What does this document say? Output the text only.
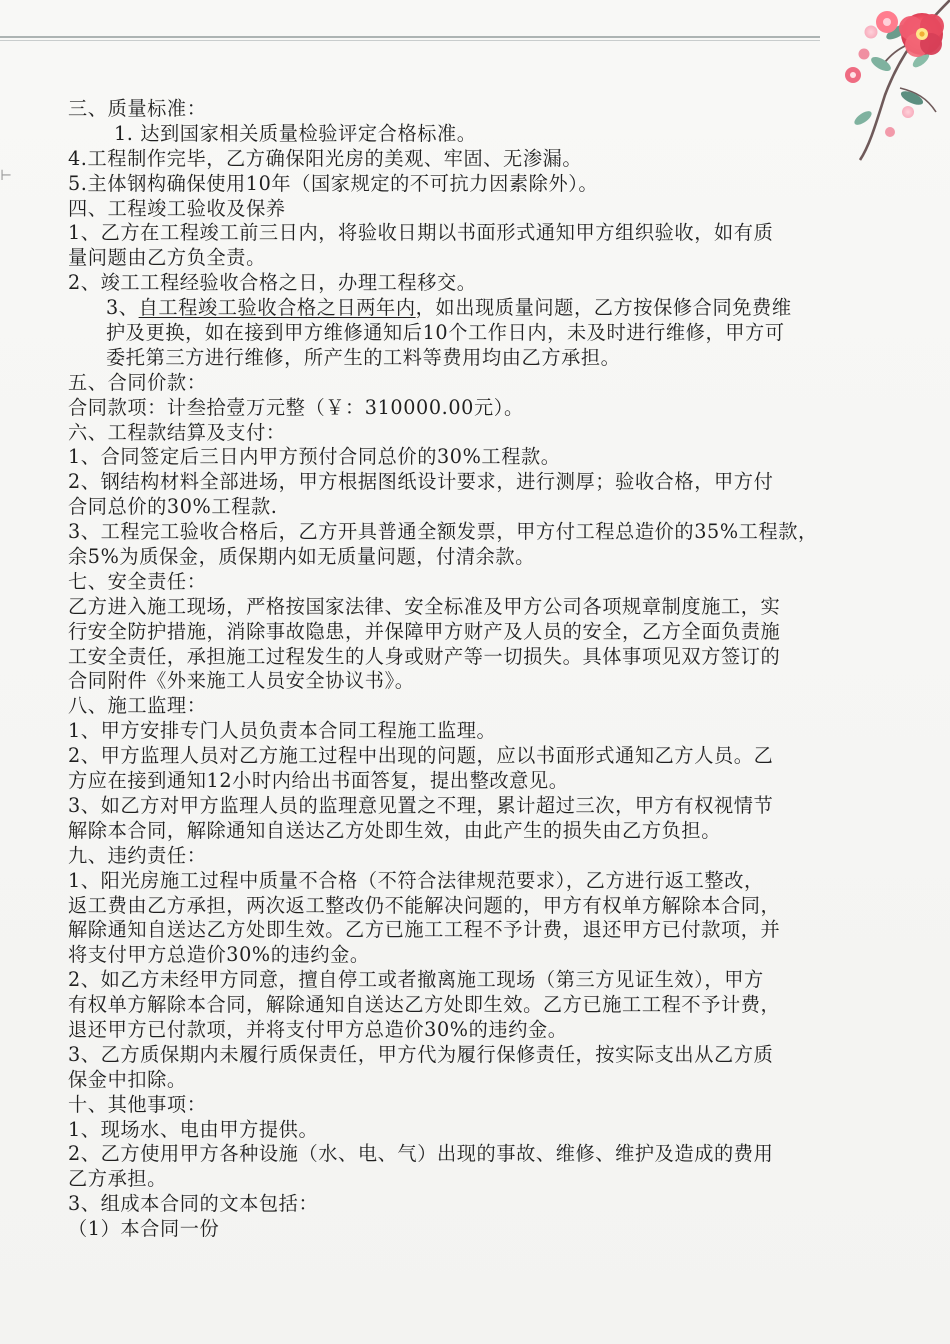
⊢
三、质量标准：
1. 达到国家相关质量检验评定合格标准。
4.工程制作完毕，乙方确保阳光房的美观、牢固、无渗漏。
5.主体钢构确保使用10年（国家规定的不可抗力因素除外）。
四、工程竣工验收及保养
1、乙方在工程竣工前三日内，将验收日期以书面形式通知甲方组织验收，如有质
量问题由乙方负全责。
2、竣工工程经验收合格之日，办理工程移交。
3、自工程竣工验收合格之日两年内，如出现质量问题，乙方按保修合同免费维
护及更换，如在接到甲方维修通知后10个工作日内，未及时进行维修，甲方可
委托第三方进行维修，所产生的工料等费用均由乙方承担。
五、合同价款：
合同款项：计叁拾壹万元整（￥：310000.00元）。
六、工程款结算及支付：
1、合同签定后三日内甲方预付合同总价的30%工程款。
2、钢结构材料全部进场，甲方根据图纸设计要求，进行测厚；验收合格，甲方付
合同总价的30%工程款.
3、工程完工验收合格后，乙方开具普通全额发票，甲方付工程总造价的35%工程款，
余5%为质保金，质保期内如无质量问题，付清余款。
七、安全责任：
乙方进入施工现场，严格按国家法律、安全标准及甲方公司各项规章制度施工，实
行安全防护措施，消除事故隐患，并保障甲方财产及人员的安全，乙方全面负责施
工安全责任，承担施工过程发生的人身或财产等一切损失。具体事项见双方签订的
合同附件《外来施工人员安全协议书》。
八、施工监理：
1、甲方安排专门人员负责本合同工程施工监理。
2、甲方监理人员对乙方施工过程中出现的问题，应以书面形式通知乙方人员。乙
方应在接到通知12小时内给出书面答复，提出整改意见。
3、如乙方对甲方监理人员的监理意见置之不理，累计超过三次，甲方有权视情节
解除本合同，解除通知自送达乙方处即生效，由此产生的损失由乙方负担。
九、违约责任：
1、阳光房施工过程中质量不合格（不符合法律规范要求），乙方进行返工整改，
返工费由乙方承担，两次返工整改仍不能解决问题的，甲方有权单方解除本合同，
解除通知自送达乙方处即生效。乙方已施工工程不予计费，退还甲方已付款项，并
将支付甲方总造价30%的违约金。
2、如乙方未经甲方同意，擅自停工或者撤离施工现场（第三方见证生效），甲方
有权单方解除本合同，解除通知自送达乙方处即生效。乙方已施工工程不予计费，
退还甲方已付款项，并将支付甲方总造价30%的违约金。
3、乙方质保期内未履行质保责任，甲方代为履行保修责任，按实际支出从乙方质
保金中扣除。
十、其他事项：
1、现场水、电由甲方提供。
2、乙方使用甲方各种设施（水、电、气）出现的事故、维修、维护及造成的费用
乙方承担。
3、组成本合同的文本包括：
（1）本合同一份
